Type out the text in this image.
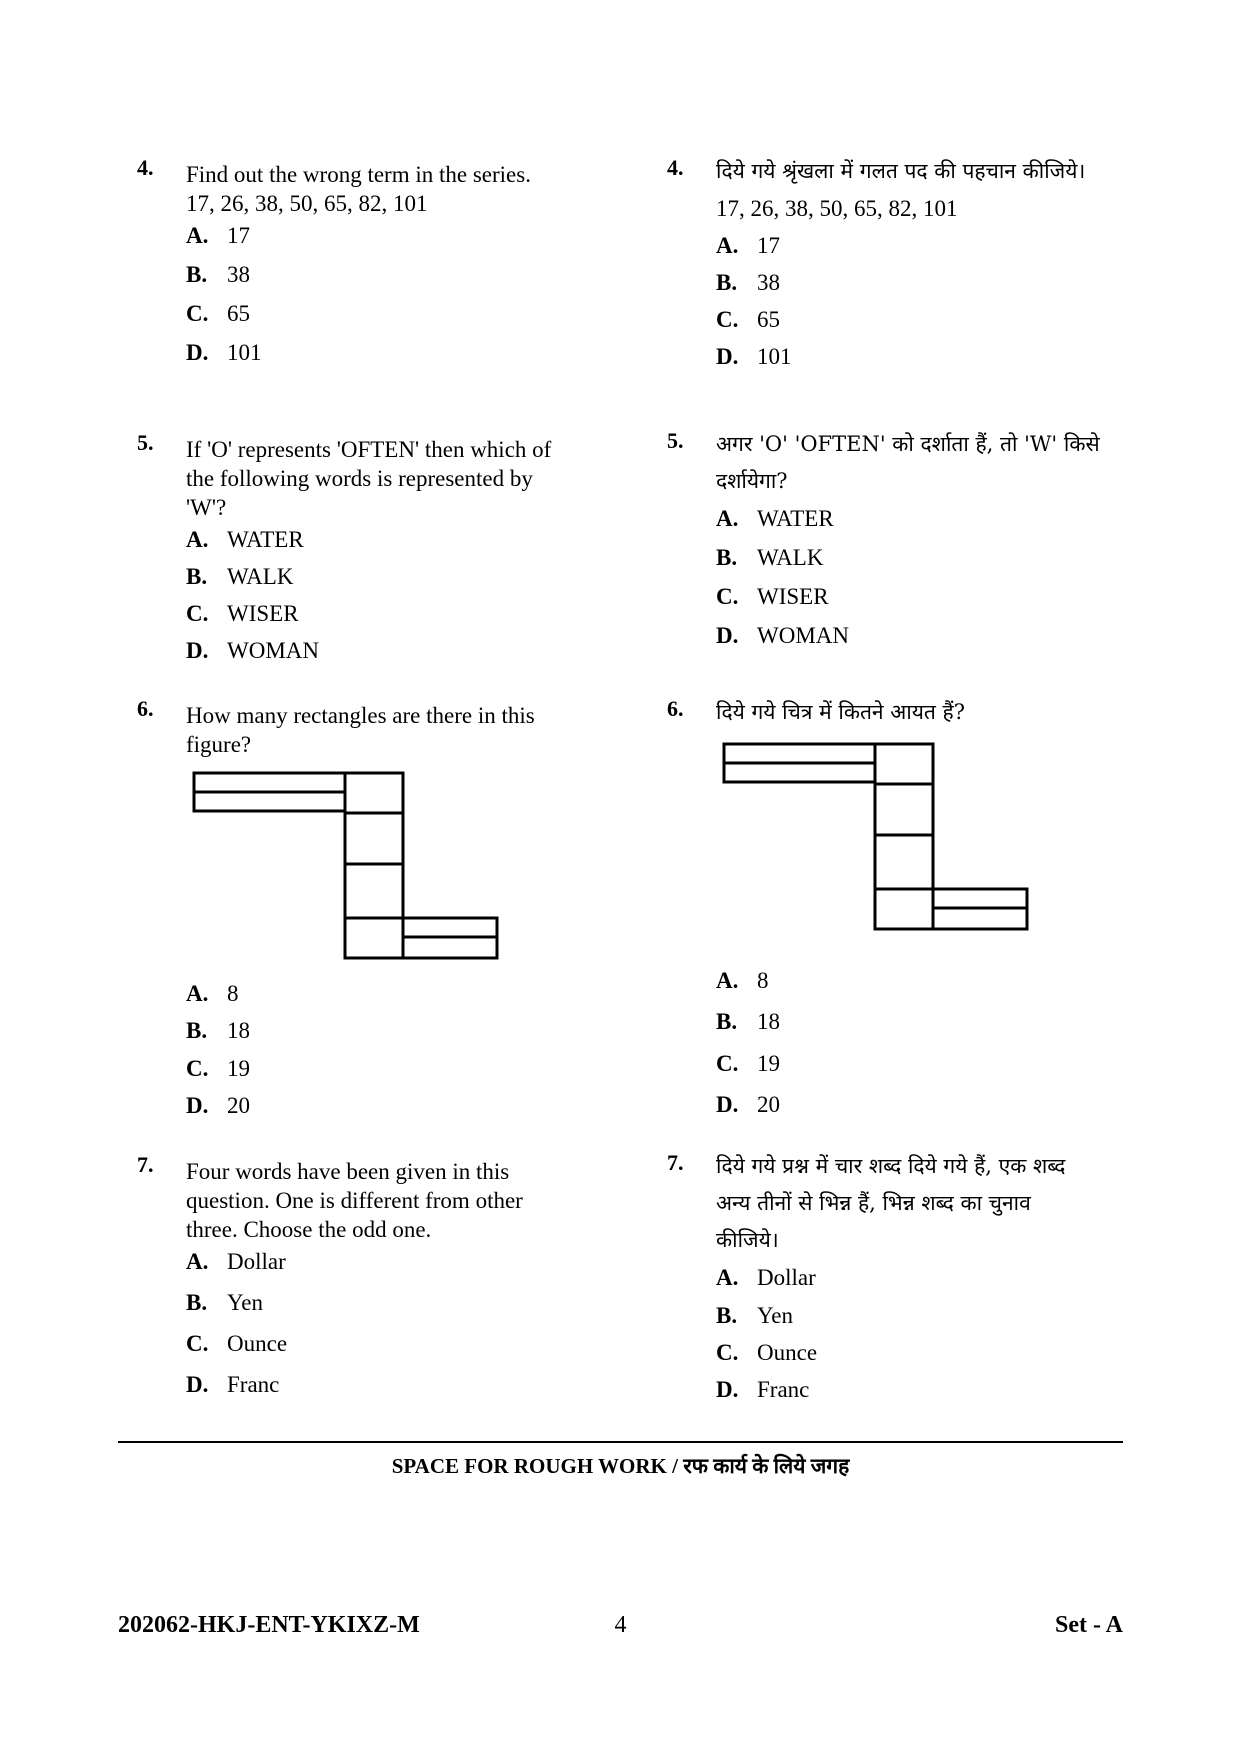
4. Find out the wrong term in the series.
17, 26, 38, 50, 65, 82, 101
A. 17
B. 38
C. 65
D. 101
5. If 'O' represents 'OFTEN' then which of
the following words is represented by
'W'?
A. WATER
B. WALK
C. WISER
D. WOMAN
6. How many rectangles are there in this
figure?
A. 8
B. 18
C. 19
D. 20
7. Four words have been given in this
question. One is different from other
three. Choose the odd one.
A. Dollar
B. Yen
C. Ounce
D. Franc
4. दिये गये श्रृंखला में गलत पद की पहचान कीजिये।
17, 26, 38, 50, 65, 82, 101
A. 17
B. 38
C. 65
D. 101
5. अगर 'O' 'OFTEN' को दर्शाता हैं, तो 'W' किसे
दर्शायेगा?
A. WATER
B. WALK
C. WISER
D. WOMAN
6. दिये गये चित्र में कितने आयत हैं?
A. 8
B. 18
C. 19
D. 20
7. दिये गये प्रश्न में चार शब्द दिये गये हैं, एक शब्द
अन्य तीनों से भिन्न हैं, भिन्न शब्द का चुनाव
कीजिये।
A. Dollar
B. Yen
C. Ounce
D. Franc
SPACE FOR ROUGH WORK / रफ कार्य के लिये जगह
202062-HKJ-ENT-YKIXZ-M	4	Set - A
